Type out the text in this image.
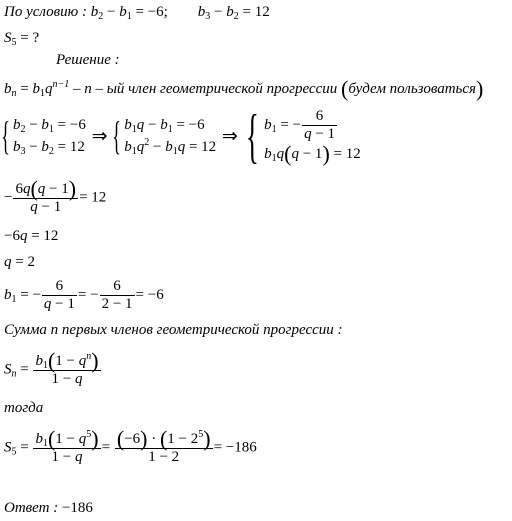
По условию : $b_2 - b_1 = -6$;        $b_3 - b_2 = 12$
$S_5$ = ?
Решение :
$b_n = b_1q^{n-1} - n$ – ый член геометрической прогрессии (будем пользоваться)
{ $b_2 - b_1 = -6$
$b_3 - b_2 = 12$
⇒ { $b_1q - b_1 = -6$
$b_1q^2 - b_1q = 12$
⇒ { $b_1$ = − $\frac{6}{q - 1}$
$b_1q(q - 1) = 12$
− $\frac{6q(q - 1)}{q - 1} = 12$
−6q = 12
q = 2
$b_1$ = − $\frac{6}{q - 1}$ = − $\frac{6}{2 - 1} = -6$
Сумма n первых членов геометрической прогрессии :
$S_n = \frac{b_1(1 - q^n)}{1 - q}$
тогда
$S_5 = \frac{b_1(1 - q^5)}{1 - q} = \frac{(-6) \cdot (1 - 2^5)}{1 - 2} = -186$
Ответ : −186
